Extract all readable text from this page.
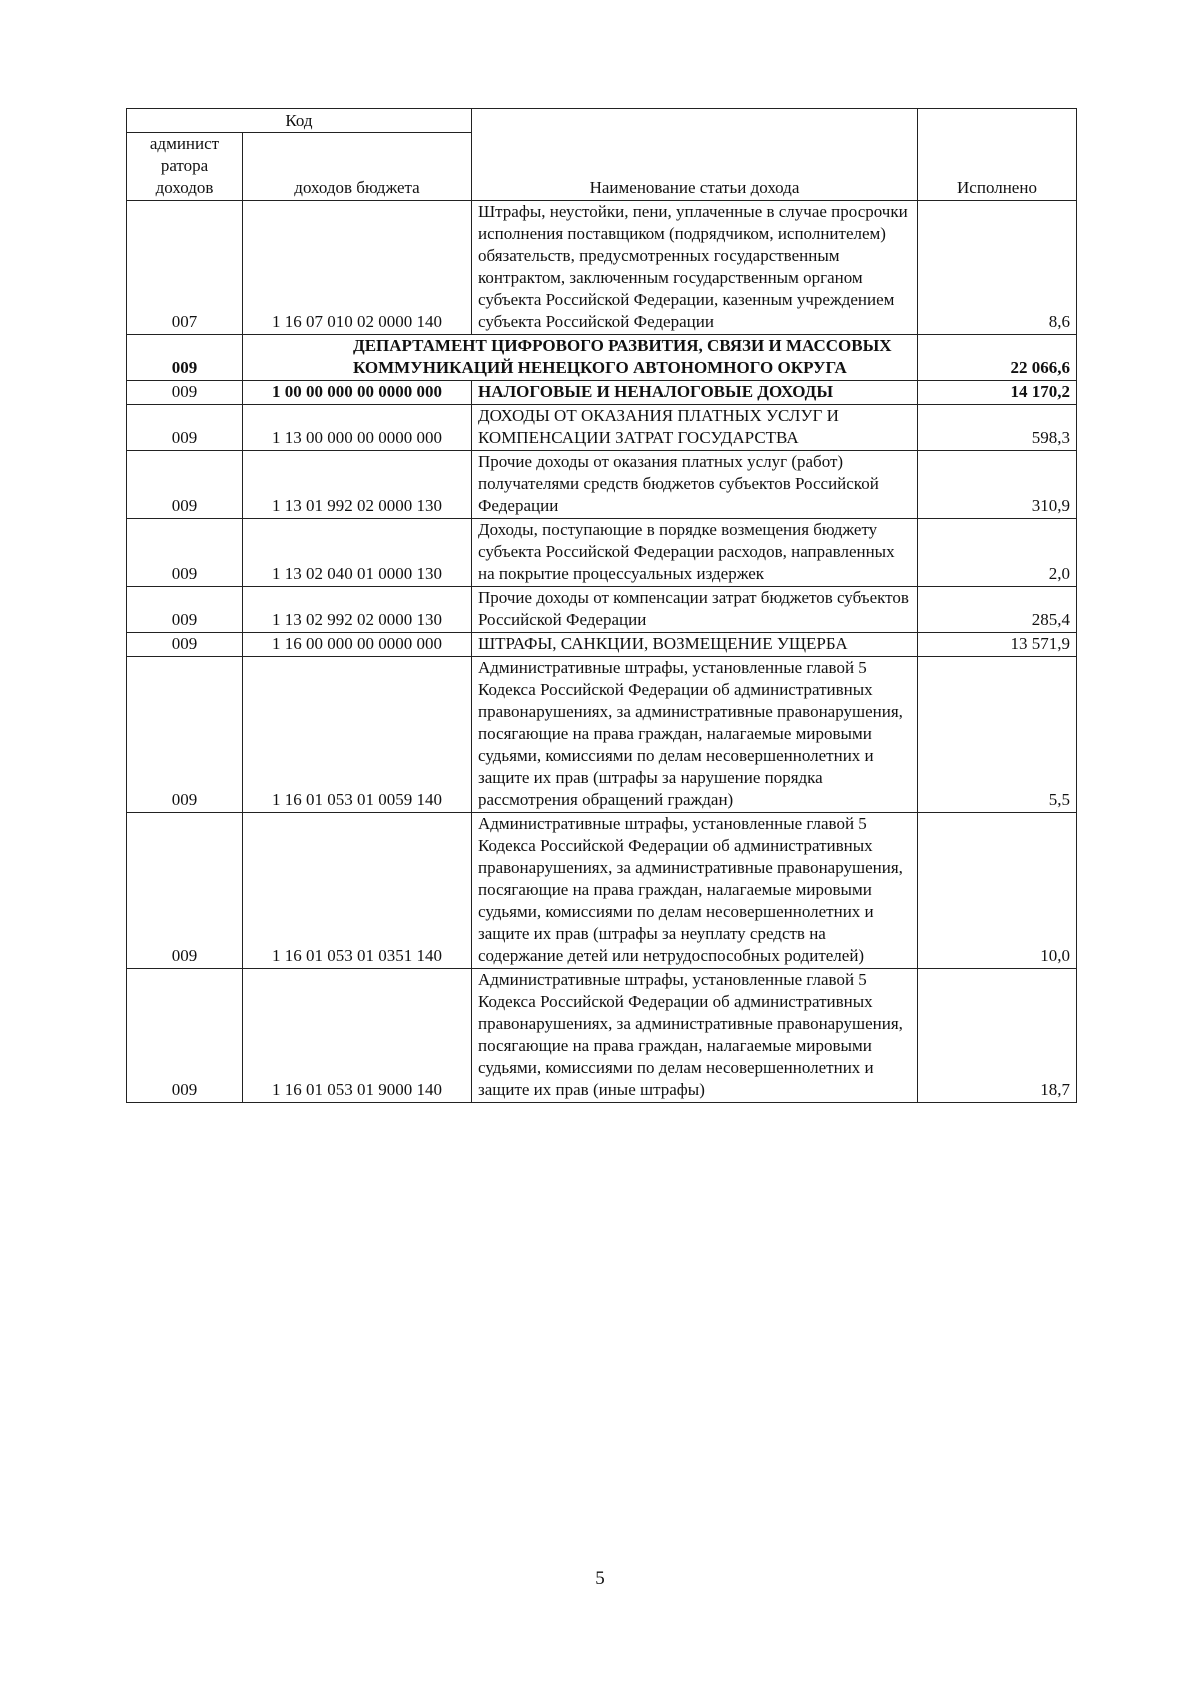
Код		Наименование статьи дохода	Исполнено
админист ратора доходов	доходов бюджета		
007	1 16 07 010 02 0000 140	Штрафы, неустойки, пени, уплаченные в случае просрочки исполнения поставщиком (подрядчиком, исполнителем) обязательств, предусмотренных государственным контрактом, заключенным государственным органом субъекта Российской Федерации, казенным учреждением субъекта Российской Федерации	8,6
009	ДЕПАРТАМЕНТ ЦИФРОВОГО РАЗВИТИЯ, СВЯЗИ И МАССОВЫХ КОММУНИКАЦИЙ НЕНЕЦКОГО АВТОНОМНОГО ОКРУГА		22 066,6
009	1 00 00 000 00 0000 000	НАЛОГОВЫЕ И НЕНАЛОГОВЫЕ ДОХОДЫ	14 170,2
009	1 13 00 000 00 0000 000	ДОХОДЫ ОТ ОКАЗАНИЯ ПЛАТНЫХ УСЛУГ И КОМПЕНСАЦИИ ЗАТРАТ ГОСУДАРСТВА	598,3
009	1 13 01 992 02 0000 130	Прочие доходы от оказания платных услуг (работ) получателями средств бюджетов субъектов Российской Федерации	310,9
009	1 13 02 040 01 0000 130	Доходы, поступающие в порядке возмещения бюджету субъекта Российской Федерации расходов, направленных на покрытие процессуальных издержек	2,0
009	1 13 02 992 02 0000 130	Прочие доходы от компенсации затрат бюджетов субъектов Российской Федерации	285,4
009	1 16 00 000 00 0000 000	ШТРАФЫ, САНКЦИИ, ВОЗМЕЩЕНИЕ УЩЕРБА	13 571,9
009	1 16 01 053 01 0059 140	Административные штрафы, установленные главой 5 Кодекса Российской Федерации об административных правонарушениях, за административные правонарушения, посягающие на права граждан, налагаемые мировыми судьями, комиссиями по делам несовершеннолетних и защите их прав (штрафы за нарушение порядка рассмотрения обращений граждан)	5,5
009	1 16 01 053 01 0351 140	Административные штрафы, установленные главой 5 Кодекса Российской Федерации об административных правонарушениях, за административные правонарушения, посягающие на права граждан, налагаемые мировыми судьями, комиссиями по делам несовершеннолетних и защите их прав (штрафы за неуплату средств на содержание детей или нетрудоспособных родителей)	10,0
009	1 16 01 053 01 9000 140	Административные штрафы, установленные главой 5 Кодекса Российской Федерации об административных правонарушениях, за административные правонарушения, посягающие на права граждан, налагаемые мировыми судьями, комиссиями по делам несовершеннолетних и защите их прав (иные штрафы)	18,7
5
